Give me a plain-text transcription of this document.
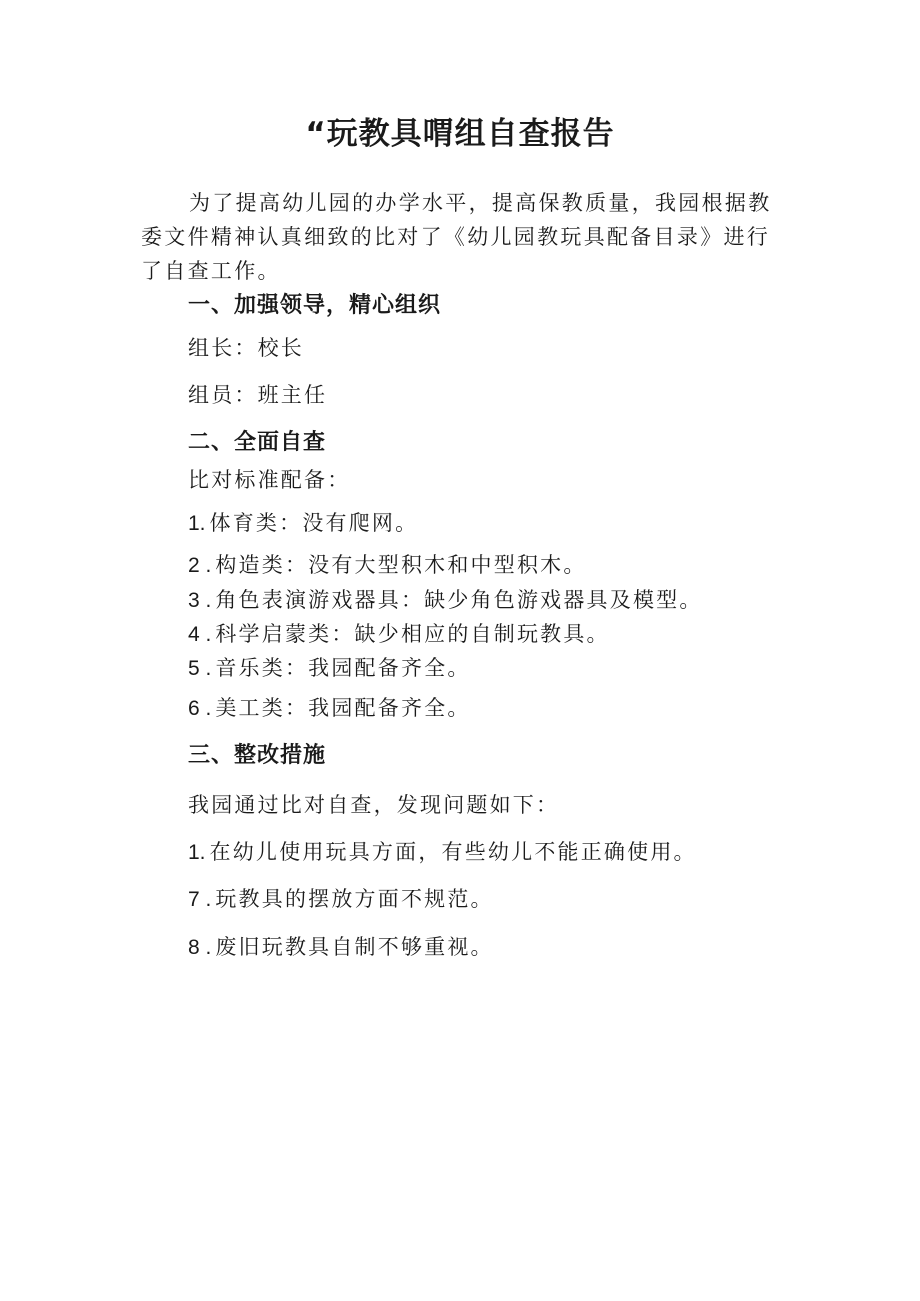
“玩教具喟组自查报告
为了提高幼儿园的办学水平，提高保教质量，我园根据教委文件精神认真细致的比对了《幼儿园教玩具配备目录》进行了自查工作。
一、加强领导，精心组织
组长：校长
组员：班主任
二、全面自查
比对标准配备：
1. 体育类：没有爬网。
2 . 构造类：没有大型积木和中型积木。
3 . 角色表演游戏器具：缺少角色游戏器具及模型。
4 . 科学启蒙类：缺少相应的自制玩教具。
5 . 音乐类：我园配备齐全。
6 . 美工类：我园配备齐全。
三、整改措施
我园通过比对自查，发现问题如下：
1. 在幼儿使用玩具方面，有些幼儿不能正确使用。
7 . 玩教具的摆放方面不规范。
8 . 废旧玩教具自制不够重视。
